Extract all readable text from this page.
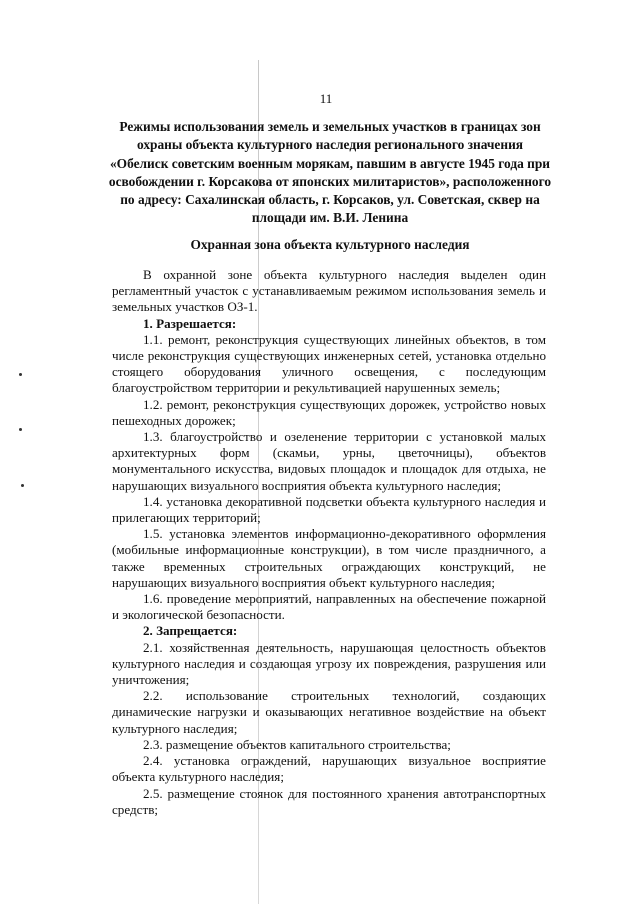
11
Режимы использования земель и земельных участков в границах зон
охраны объекта культурного наследия регионального значения
«Обелиск советским военным морякам, павшим в августе 1945 года при
освобождении г. Корсакова от японских милитаристов», расположенного
по адресу: Сахалинская область, г. Корсаков, ул. Советская, сквер на
площади им. В.И. Ленина
Охранная зона объекта культурного наследия

В охранной зоне объекта культурного наследия выделен один регламентный участок с устанавливаемым режимом использования земель и земельных участков ОЗ-1.

1. Разрешается:

1.1. ремонт, реконструкция существующих линейных объектов, в том числе реконструкция существующих инженерных сетей, установка отдельно стоящего оборудования уличного освещения, с последующим благоустройством территории и рекультивацией нарушенных земель;

1.2. ремонт, реконструкция существующих дорожек, устройство новых пешеходных дорожек;

1.3. благоустройство и озеленение территории с установкой малых архитектурных форм (скамьи, урны, цветочницы), объектов монументального искусства, видовых площадок и площадок для отдыха, не нарушающих визуального восприятия объекта культурного наследия;

1.4. установка декоративной подсветки объекта культурного наследия и прилегающих территорий;

1.5. установка элементов информационно-декоративного оформления (мобильные информационные конструкции), в том числе праздничного, а также временных строительных ограждающих конструкций, не нарушающих визуального восприятия объект культурного наследия;

1.6. проведение мероприятий, направленных на обеспечение пожарной и экологической безопасности.

2. Запрещается:

2.1. хозяйственная деятельность, нарушающая целостность объектов культурного наследия и создающая угрозу их повреждения, разрушения или уничтожения;

2.2. использование строительных технологий, создающих динамические нагрузки и оказывающих негативное воздействие на объект культурного наследия;

2.3. размещение объектов капитального строительства;

2.4. установка ограждений, нарушающих визуальное восприятие объекта культурного наследия;

2.5. размещение стоянок для постоянного хранения автотранспортных средств;
